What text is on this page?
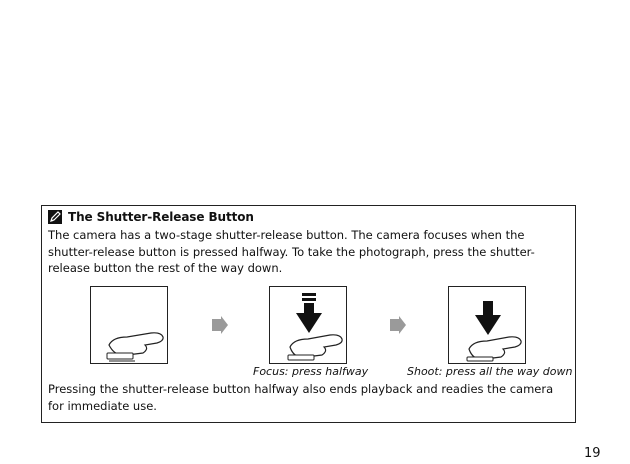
The Shutter-Release Button
The camera has a two-stage shutter-release button. The camera focuses when the shutter-release button is pressed halfway. To take the photograph, press the shutter-release button the rest of the way down.
Focus: press halfway	Shoot: press all the way down
Pressing the shutter-release button halfway also ends playback and readies the camera for immediate use.
19
